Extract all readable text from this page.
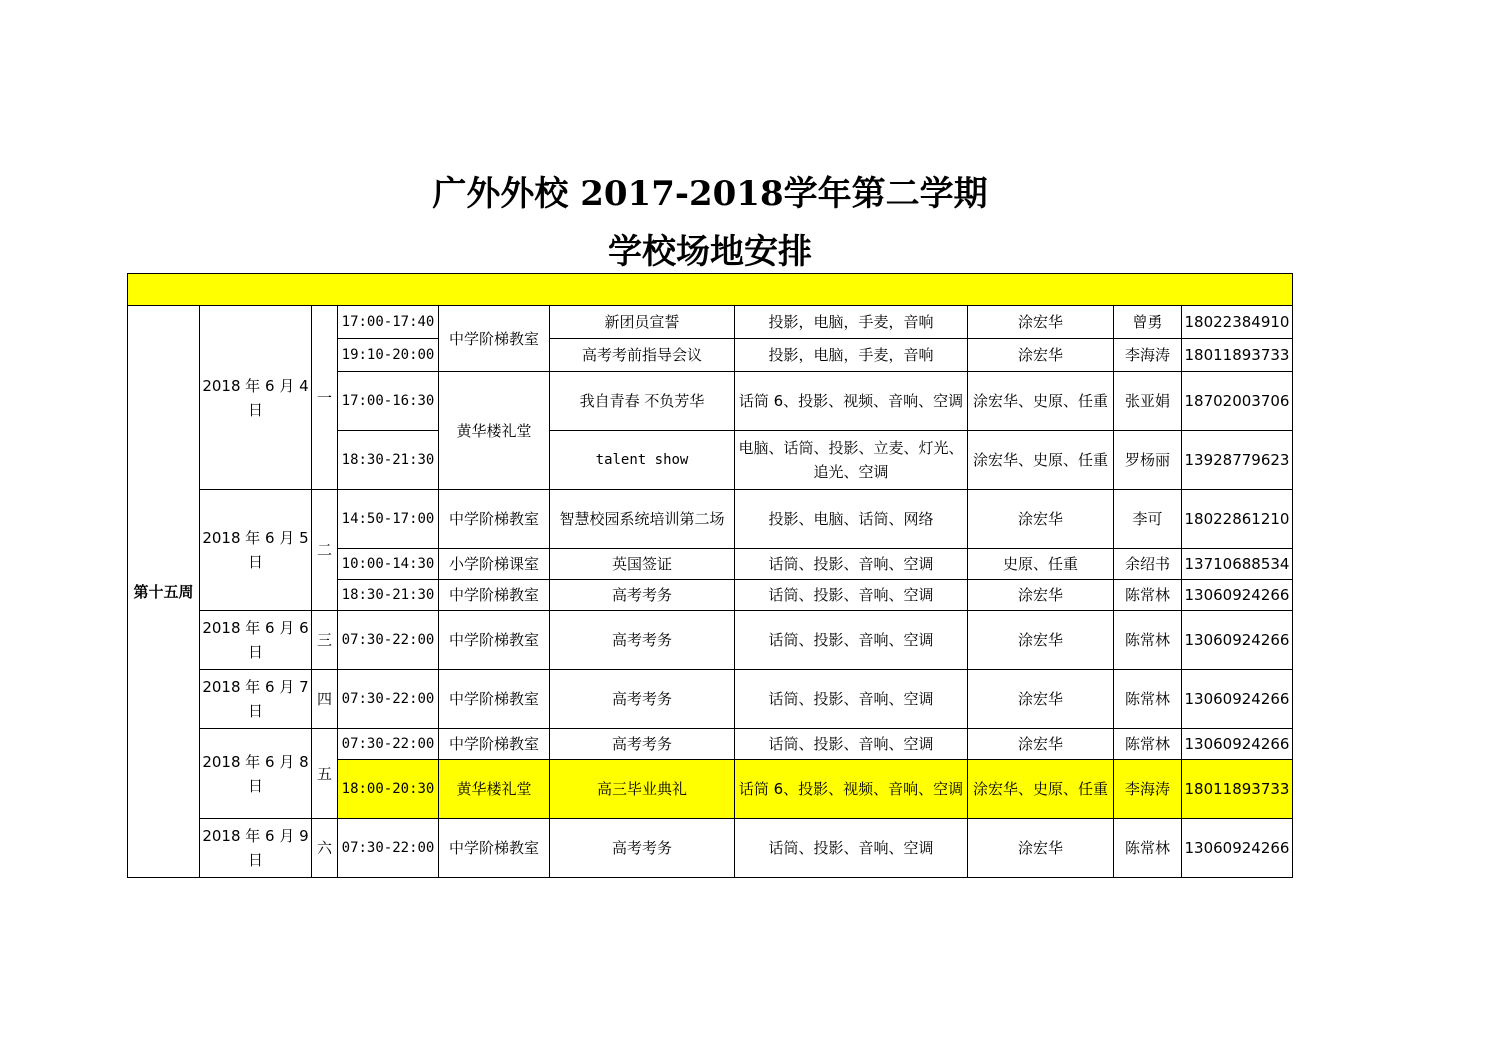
广外外校 2017-2018学年第二学期
学校场地安排

第十五周	2018 年 6 月 4 日	一	17:00-17:40	中学阶梯教室	新团员宣誓	投影，电脑，手麦，音响	涂宏华	曾勇	18022384910
			19:10-20:00		高考考前指导会议	投影，电脑，手麦，音响	涂宏华	李海涛	18011893733
			17:00-16:30	黄华楼礼堂	我自青春 不负芳华	话筒 6、投影、视频、音响、空调	涂宏华、史原、任重	张亚娟	18702003706
			18:30-21:30		talent show	电脑、话筒、投影、立麦、灯光、追光、空调	涂宏华、史原、任重	罗杨丽	13928779623
	2018 年 6 月 5 日	二	14:50-17:00	中学阶梯教室	智慧校园系统培训第二场	投影、电脑、话筒、网络	涂宏华	李可	18022861210
			10:00-14:30	小学阶梯课室	英国签证	话筒、投影、音响、空调	史原、任重	余绍书	13710688534
			18:30-21:30	中学阶梯教室	高考考务	话筒、投影、音响、空调	涂宏华	陈常林	13060924266
	2018 年 6 月 6 日	三	07:30-22:00	中学阶梯教室	高考考务	话筒、投影、音响、空调	涂宏华	陈常林	13060924266
	2018 年 6 月 7 日	四	07:30-22:00	中学阶梯教室	高考考务	话筒、投影、音响、空调	涂宏华	陈常林	13060924266
	2018 年 6 月 8 日	五	07:30-22:00	中学阶梯教室	高考考务	话筒、投影、音响、空调	涂宏华	陈常林	13060924266
			18:00-20:30	黄华楼礼堂	高三毕业典礼	话筒 6、投影、视频、音响、空调	涂宏华、史原、任重	李海涛	18011893733
	2018 年 6 月 9 日	六	07:30-22:00	中学阶梯教室	高考考务	话筒、投影、音响、空调	涂宏华	陈常林	13060924266
